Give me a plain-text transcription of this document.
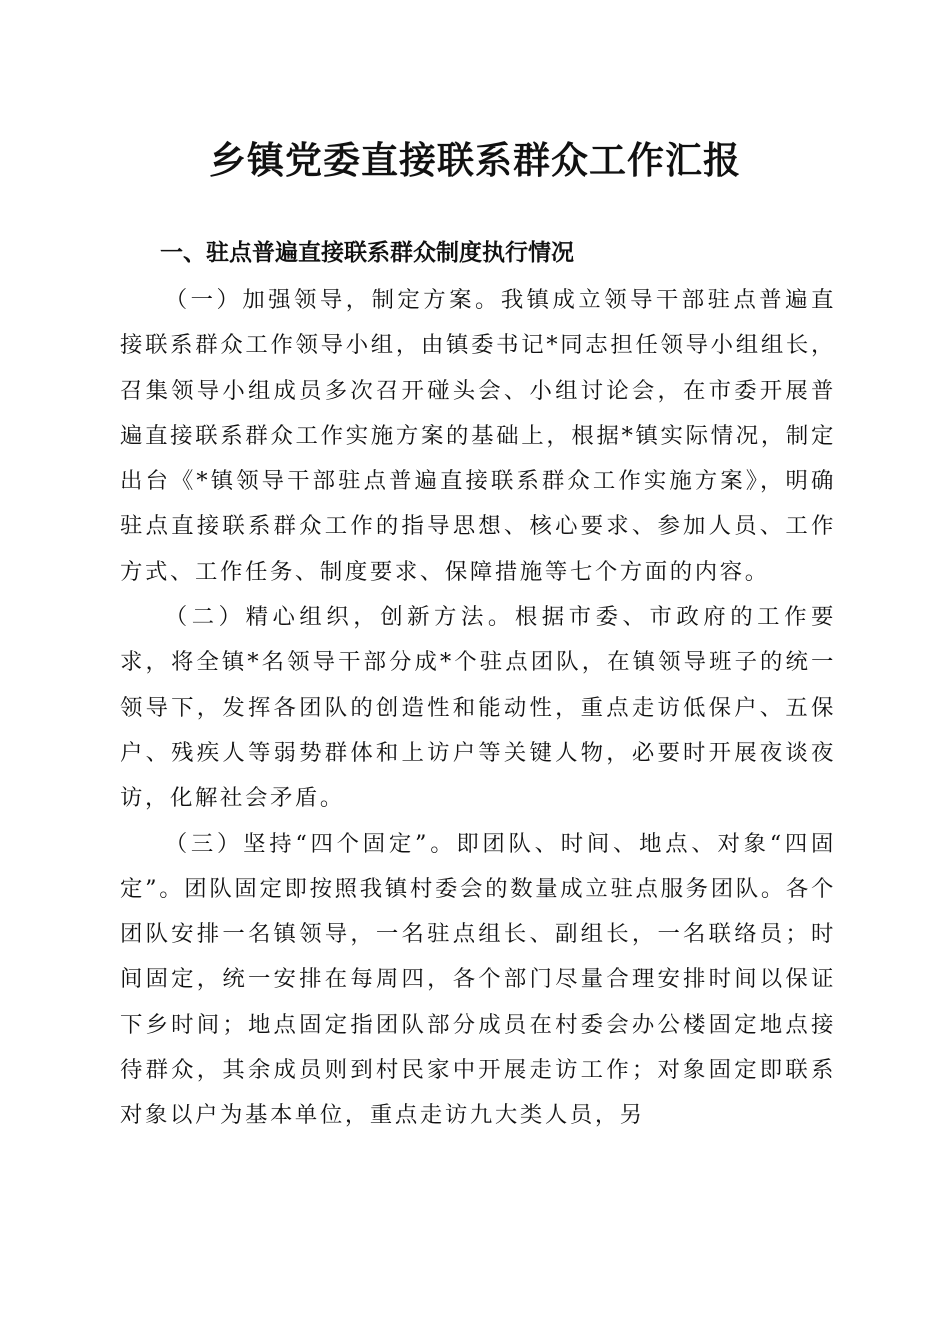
乡镇党委直接联系群众工作汇报
一、驻点普遍直接联系群众制度执行情况

（一）加强领导，制定方案。我镇成立领导干部驻点普遍直接联系群众工作领导小组，由镇委书记*同志担任领导小组组长，召集领导小组成员多次召开碰头会、小组讨论会，在市委开展普遍直接联系群众工作实施方案的基础上，根据*镇实际情况，制定出台《*镇领导干部驻点普遍直接联系群众工作实施方案》，明确驻点直接联系群众工作的指导思想、核心要求、参加人员、工作方式、工作任务、制度要求、保障措施等七个方面的内容。

（二）精心组织，创新方法。根据市委、市政府的工作要求，将全镇*名领导干部分成*个驻点团队，在镇领导班子的统一领导下，发挥各团队的创造性和能动性，重点走访低保户、五保户、残疾人等弱势群体和上访户等关键人物，必要时开展夜谈夜访，化解社会矛盾。

（三）坚持“四个固定”。即团队、时间、地点、对象“四固定”。团队固定即按照我镇村委会的数量成立驻点服务团队。各个团队安排一名镇领导，一名驻点组长、副组长，一名联络员；时间固定，统一安排在每周四，各个部门尽量合理安排时间以保证下乡时间；地点固定指团队部分成员在村委会办公楼固定地点接待群众，其余成员则到村民家中开展走访工作；对象固定即联系对象以户为基本单位，重点走访九大类人员，另
